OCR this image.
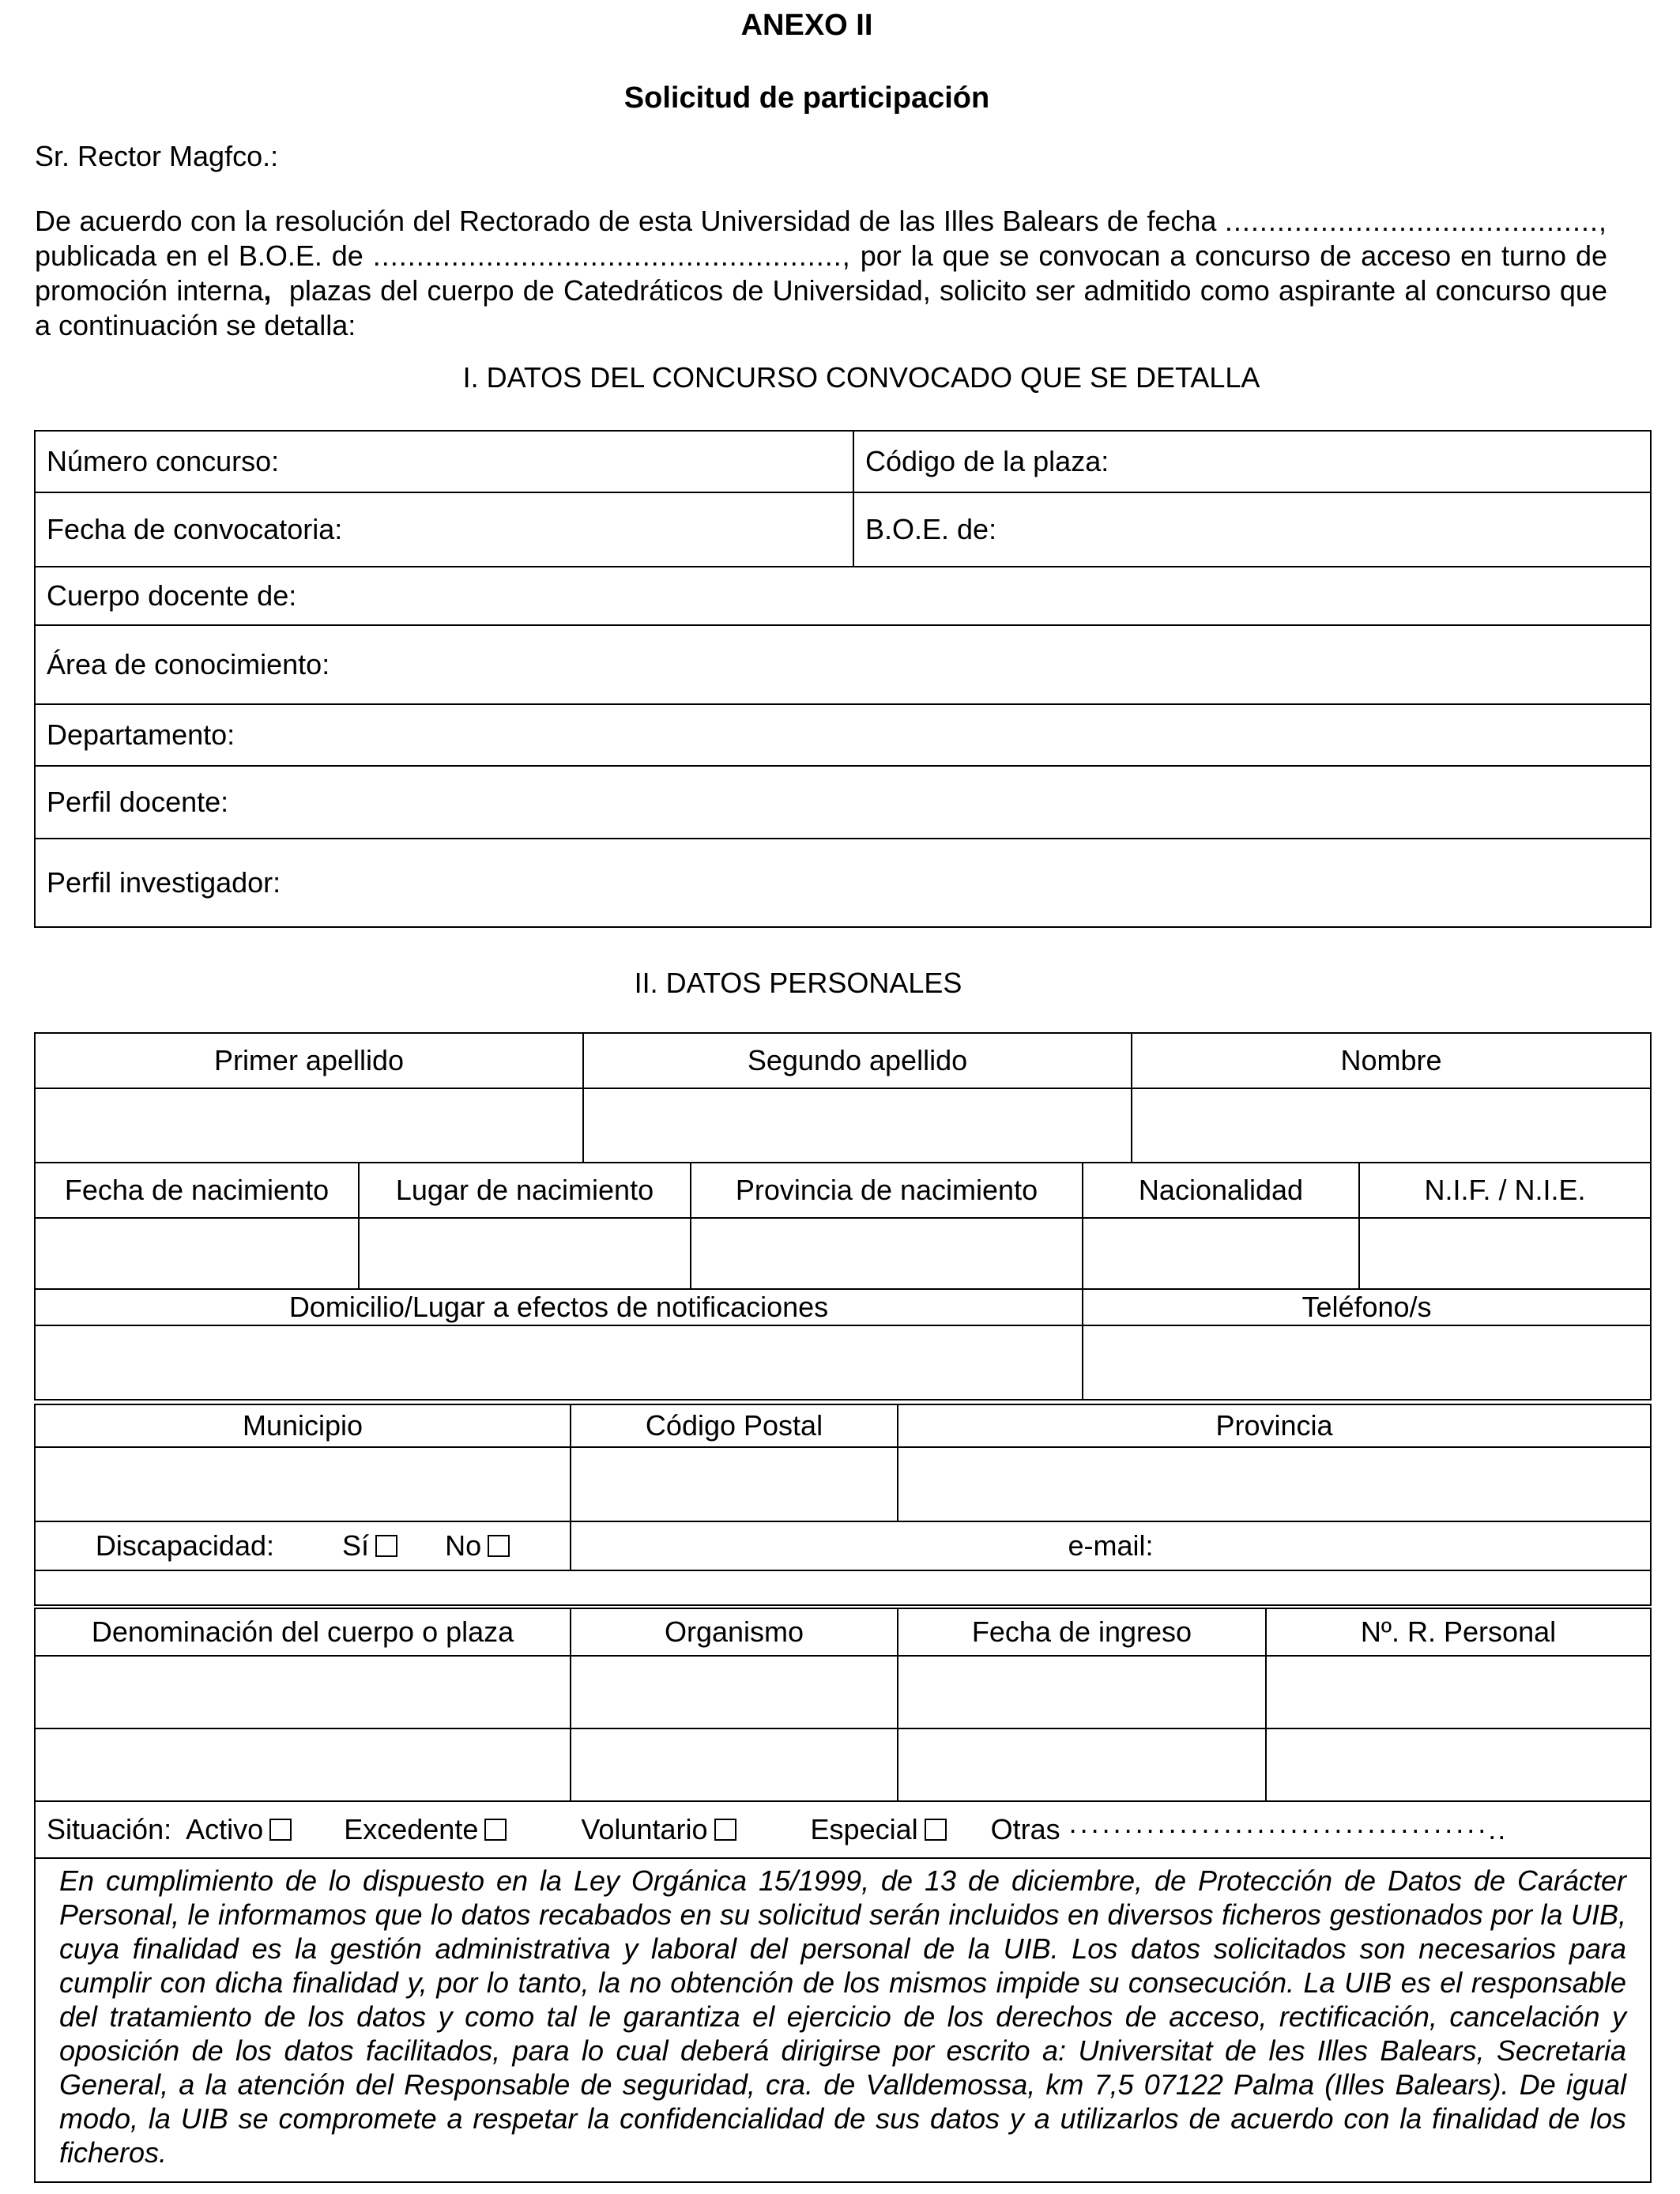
ANEXO II
Solicitud de participación
Sr. Rector Magfco.:

De acuerdo con la resolución del Rectorado de esta Universidad de las Illes Balears de fecha ..........................................., publicada en el B.O.E. de ......................................................, por la que se convocan a concurso de acceso en turno de promoción interna, plazas del cuerpo de Catedráticos de Universidad, solicito ser admitido como aspirante al concurso que a continuación se detalla:

I. DATOS DEL CONCURSO CONVOCADO QUE SE DETALLA
Número concurso:	Código de la plaza:
Fecha de convocatoria:	B.O.E. de:
Cuerpo docente de:	
Área de conocimiento:	
Departamento:	
Perfil docente:	
Perfil investigador:	
II. DATOS PERSONALES
Primer apellido	Segundo apellido	Nombre

Fecha de nacimiento	Lugar de nacimiento	Provincia de nacimiento	Nacionalidad	N.I.F. / N.I.E.

Domicilio/Lugar a efectos de notificaciones	Teléfono/s

Municipio	Código Postal	Provincia

Discapacidad: Sí	No	e-mail:

Denominación del cuerpo o plaza	Organismo	Fecha de ingreso	Nº. R. Personal

Situación: Activo	Excedente	Voluntario	Especial	Otras ······································..
En cumplimiento de lo dispuesto en la Ley Orgánica 15/1999, de 13 de diciembre, de Protección de Datos de Carácter Personal, le informamos que lo datos recabados en su solicitud serán incluidos en diversos ficheros gestionados por la UIB, cuya finalidad es la gestión administrativa y laboral del personal de la UIB. Los datos solicitados son necesarios para cumplir con dicha finalidad y, por lo tanto, la no obtención de los mismos impide su consecución. La UIB es el responsable del tratamiento de los datos y como tal le garantiza el ejercicio de los derechos de acceso, rectificación, cancelación y oposición de los datos facilitados, para lo cual deberá dirigirse por escrito a: Universitat de les Illes Balears, Secretaria General, a la atención del Responsable de seguridad, cra. de Valldemossa, km 7,5 07122 Palma (Illes Balears). De igual modo, la UIB se compromete a respetar la confidencialidad de sus datos y a utilizarlos de acuerdo con la finalidad de los ficheros.
